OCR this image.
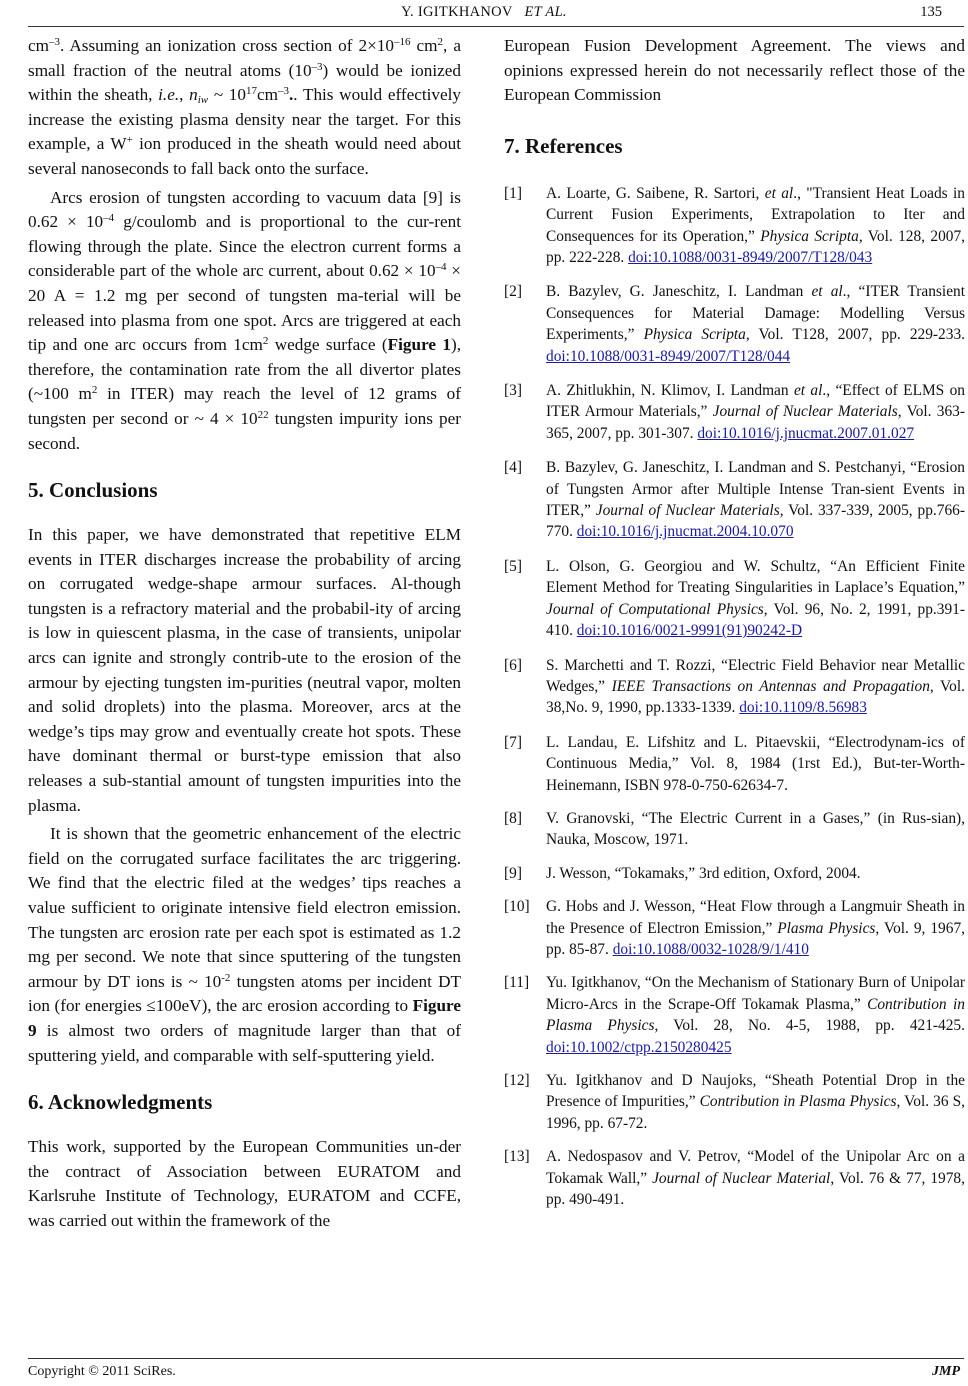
Y. IGITKHANOV ET AL.	135

$cm^{-3}$. Assuming an ionization cross section of $2\times 10^{-16}$ $cm^2$, a small fraction of the neutral atoms $(10^{-3})$ would be ionized within the sheath, i.e., $n_{iw}$ ~ $10^{17}cm^{-3}$.. This would effectively increase the existing plasma density near the target. For this example, a W+ ion produced in the sheath would need about several nanoseconds to fall back onto the surface.

Arcs erosion of tungsten according to vacuum data [9] is $0.62 \times 10^{-4}$ g/coulomb and is proportional to the cur-rent flowing through the plate. Since the electron current forms a considerable part of the whole arc current, about $0.62 \times 10^{-4} \times 20$ A = 1.2 mg per second of tungsten ma-terial will be released into plasma from one spot. Arcs are triggered at each tip and one arc occurs from $1cm^2$ wedge surface (Figure 1), therefore, the contamination rate from the all divertor plates (~100 $m^2$ in ITER) may reach the level of 12 grams of tungsten per second or ~ $4 \times 10^{22}$ tungsten impurity ions per second.

5. Conclusions

In this paper, we have demonstrated that repetitive ELM events in ITER discharges increase the probability of arcing on corrugated wedge-shape armour surfaces. Al-though tungsten is a refractory material and the probabil-ity of arcing is low in quiescent plasma, in the case of transients, unipolar arcs can ignite and strongly contrib-ute to the erosion of the armour by ejecting tungsten im-purities (neutral vapor, molten and solid droplets) into the plasma. Moreover, arcs at the wedge’s tips may grow and eventually create hot spots. These have dominant thermal or burst-type emission that also releases a sub-stantial amount of tungsten impurities into the plasma.

It is shown that the geometric enhancement of the electric field on the corrugated surface facilitates the arc triggering. We find that the electric filed at the wedges’ tips reaches a value sufficient to originate intensive field electron emission. The tungsten arc erosion rate per each spot is estimated as 1.2 mg per second. We note that since sputtering of the tungsten armour by DT ions is ~ $10^{-2}$ tungsten atoms per incident DT ion (for energies ≤100eV), the arc erosion according to Figure 9 is almost two orders of magnitude larger than that of sputtering yield, and comparable with self-sputtering yield.

6. Acknowledgments

This work, supported by the European Communities un-der the contract of Association between EURATOM and Karlsruhe Institute of Technology, EURATOM and CCFE, was carried out within the framework of the

European Fusion Development Agreement. The views and opinions expressed herein do not necessarily reflect those of the European Commission

7. References

[1]	A. Loarte, G. Saibene, R. Sartori, et al., "Transient Heat Loads in Current Fusion Experiments, Extrapolation to Iter and Consequences for its Operation,” Physica Scripta, Vol. 128, 2007, pp. 222-228. doi:10.1088/0031-8949/2007/T128/043
[2]	B. Bazylev, G. Janeschitz, I. Landman et al., “ITER Transient Consequences for Material Damage: Modelling Versus Experiments,” Physica Scripta, Vol. T128, 2007, pp. 229-233. doi:10.1088/0031-8949/2007/T128/044
[3]	A. Zhitlukhin, N. Klimov, I. Landman et al., “Effect of ELMS on ITER Armour Materials,” Journal of Nuclear Materials, Vol. 363-365, 2007, pp. 301-307. doi:10.1016/j.jnucmat.2007.01.027
[4]	B. Bazylev, G. Janeschitz, I. Landman and S. Pestchanyi, “Erosion of Tungsten Armor after Multiple Intense Tran-sient Events in ITER,” Journal of Nuclear Materials, Vol. 337-339, 2005, pp.766-770. doi:10.1016/j.jnucmat.2004.10.070
[5]	L. Olson, G. Georgiou and W. Schultz, “An Efficient Finite Element Method for Treating Singularities in Laplace’s Equation,” Journal of Computational Physics, Vol. 96, No. 2, 1991, pp.391-410. doi:10.1016/0021-9991(91)90242-D
[6]	S. Marchetti and T. Rozzi, “Electric Field Behavior near Metallic Wedges,” IEEE Transactions on Antennas and Propagation, Vol. 38,No. 9, 1990, pp.1333-1339. doi:10.1109/8.56983
[7]	L. Landau, E. Lifshitz and L. Pitaevskii, “Electrodynam-ics of Continuous Media,” Vol. 8, 1984 (1rst Ed.), But-ter-Worth-Heinemann, ISBN 978-0-750-62634-7.
[8]	V. Granovski, “The Electric Current in a Gases,” (in Rus-sian), Nauka, Moscow, 1971.
[9]	J. Wesson, “Tokamaks,” 3rd edition, Oxford, 2004.
[10]	G. Hobs and J. Wesson, “Heat Flow through a Langmuir Sheath in the Presence of Electron Emission,” Plasma Physics, Vol. 9, 1967, pp. 85-87. doi:10.1088/0032-1028/9/1/410
[11]	Yu. Igitkhanov, “On the Mechanism of Stationary Burn of Unipolar Micro-Arcs in the Scrape-Off Tokamak Plasma,” Contribution in Plasma Physics, Vol. 28, No. 4-5, 1988, pp. 421-425. doi:10.1002/ctpp.2150280425
[12]	Yu. Igitkhanov and D Naujoks, “Sheath Potential Drop in the Presence of Impurities,” Contribution in Plasma Physics, Vol. 36 S, 1996, pp. 67-72.
[13]	A. Nedospasov and V. Petrov, “Model of the Unipolar Arc on a Tokamak Wall,” Journal of Nuclear Material, Vol. 76 & 77, 1978, pp. 490-491.
Copyright © 2011 SciRes.	JMP
